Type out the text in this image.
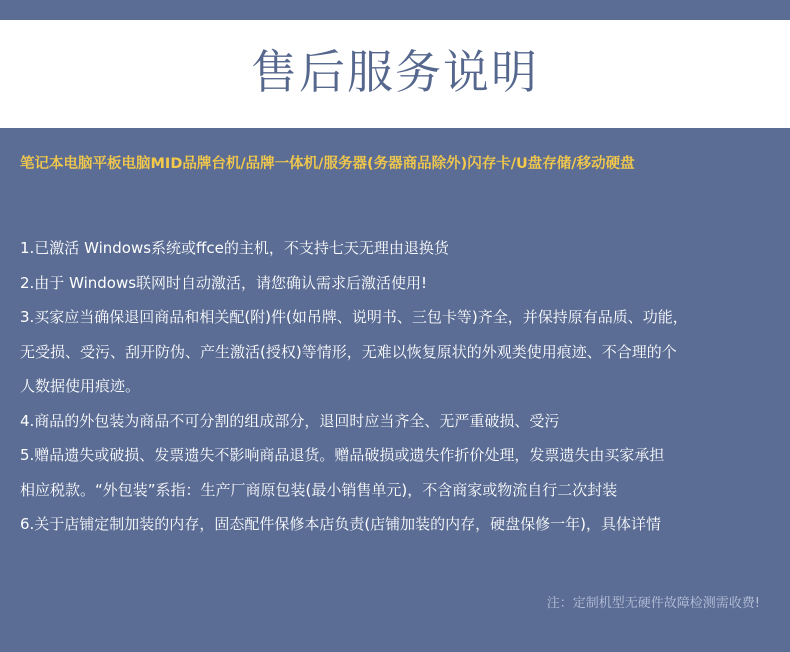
售后服务说明
笔记本电脑平板电脑MID品牌台机/品牌一体机/服务器(务器商品除外)闪存卡/U盘存储/移动硬盘

1.已激活 Windows系统或ffce的主机，不支持七天无理由退换货

2.由于 Windows联网时自动激活，请您确认需求后激活使用!

3.买家应当确保退回商品和相关配(附)件(如吊牌、说明书、三包卡等)齐全，并保持原有品质、功能，

无受损、受污、刮开防伪、产生激活(授权)等情形，无难以恢复原状的外观类使用痕迹、不合理的个

人数据使用痕迹。

4.商品的外包装为商品不可分割的组成部分，退回时应当齐全、无严重破损、受污

5.赠品遗失或破损、发票遗失不影响商品退货。赠品破损或遗失作折价处理，发票遗失由买家承担

相应税款。“外包装”系指：生产厂商原包装(最小销售单元)，不含商家或物流自行二次封装

6.关于店铺定制加装的内存，固态配件保修本店负责(店铺加装的内存，硬盘保修一年)，具体详情

注：定制机型无硬件故障检测需收费!
